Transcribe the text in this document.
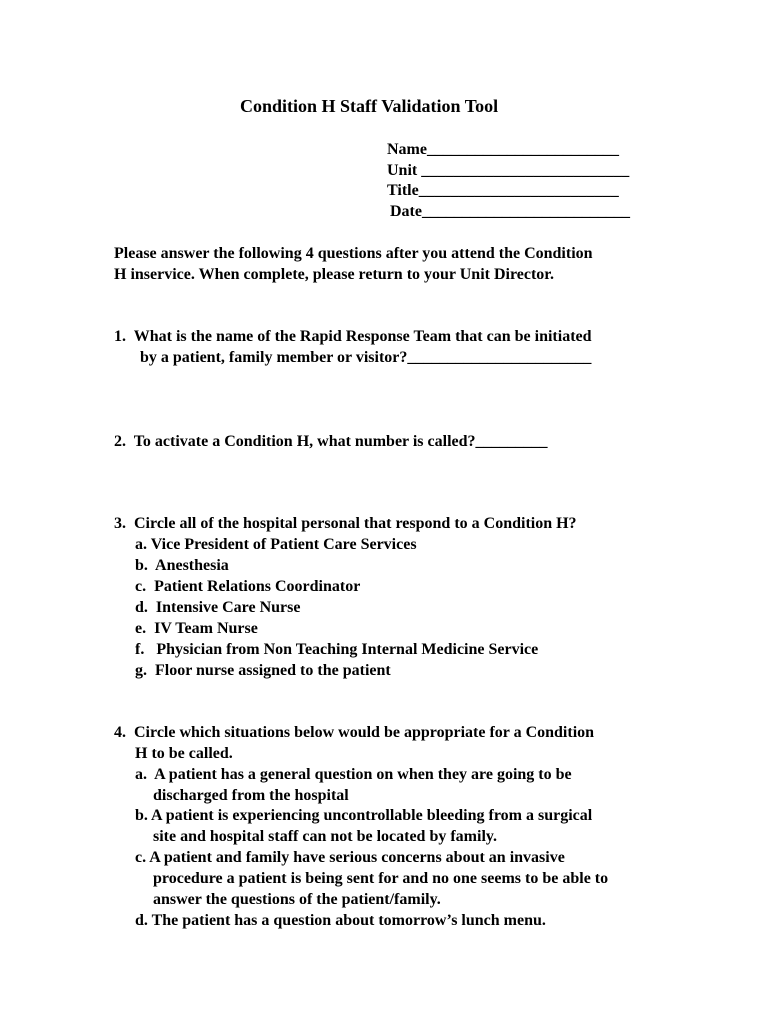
Condition H Staff Validation Tool
Name________________________
Unit __________________________
Title_________________________
Date__________________________
Please answer the following 4 questions after you attend the Condition
H inservice. When complete, please return to your Unit Director.
1.  What is the name of the Rapid Response Team that can be initiated
by a patient, family member or visitor?_______________________
2.  To activate a Condition H, what number is called?_________
3.  Circle all of the hospital personal that respond to a Condition H?
a. Vice President of Patient Care Services
b.  Anesthesia
c.  Patient Relations Coordinator
d.  Intensive Care Nurse
e.  IV Team Nurse
f.   Physician from Non Teaching Internal Medicine Service
g.  Floor nurse assigned to the patient
4.  Circle which situations below would be appropriate for a Condition
H to be called.
a.  A patient has a general question on when they are going to be
discharged from the hospital
b. A patient is experiencing uncontrollable bleeding from a surgical
site and hospital staff can not be located by family.
c. A patient and family have serious concerns about an invasive
procedure a patient is being sent for and no one seems to be able to
answer the questions of the patient/family.
d. The patient has a question about tomorrow’s lunch menu.
